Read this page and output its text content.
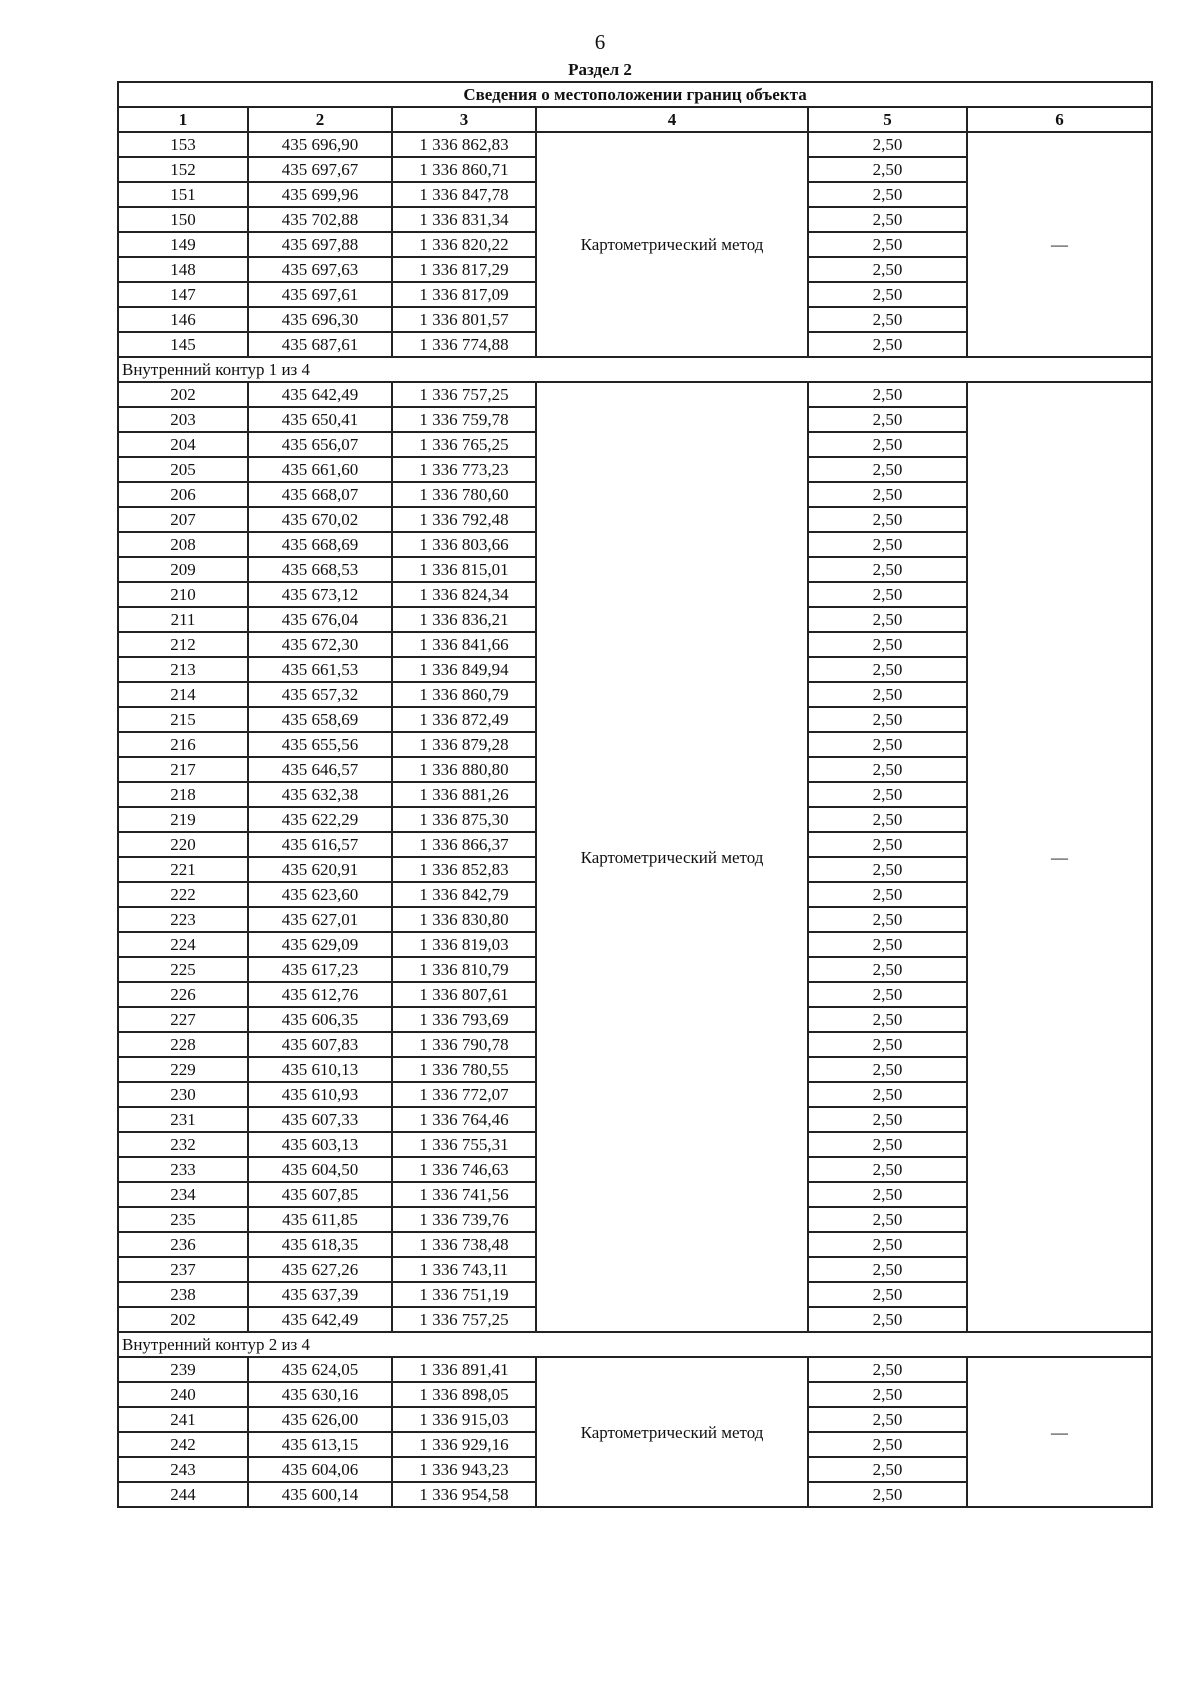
6
Раздел 2
Сведения о местоположении границ объекта					
1	2	3	4	5	6
153	435 696,90	1 336 862,83	Картометрический метод	2,50	—
152	435 697,67	1 336 860,71		2,50	
151	435 699,96	1 336 847,78		2,50	
150	435 702,88	1 336 831,34		2,50	
149	435 697,88	1 336 820,22		2,50	
148	435 697,63	1 336 817,29		2,50	
147	435 697,61	1 336 817,09		2,50	
146	435 696,30	1 336 801,57		2,50	
145	435 687,61	1 336 774,88		2,50	
Внутренний контур 1 из 4					
202	435 642,49	1 336 757,25	Картометрический метод	2,50	—
203	435 650,41	1 336 759,78		2,50	
204	435 656,07	1 336 765,25		2,50	
205	435 661,60	1 336 773,23		2,50	
206	435 668,07	1 336 780,60		2,50	
207	435 670,02	1 336 792,48		2,50	
208	435 668,69	1 336 803,66		2,50	
209	435 668,53	1 336 815,01		2,50	
210	435 673,12	1 336 824,34		2,50	
211	435 676,04	1 336 836,21		2,50	
212	435 672,30	1 336 841,66		2,50	
213	435 661,53	1 336 849,94		2,50	
214	435 657,32	1 336 860,79		2,50	
215	435 658,69	1 336 872,49		2,50	
216	435 655,56	1 336 879,28		2,50	
217	435 646,57	1 336 880,80		2,50	
218	435 632,38	1 336 881,26		2,50	
219	435 622,29	1 336 875,30		2,50	
220	435 616,57	1 336 866,37		2,50	
221	435 620,91	1 336 852,83		2,50	
222	435 623,60	1 336 842,79		2,50	
223	435 627,01	1 336 830,80		2,50	
224	435 629,09	1 336 819,03		2,50	
225	435 617,23	1 336 810,79		2,50	
226	435 612,76	1 336 807,61		2,50	
227	435 606,35	1 336 793,69		2,50	
228	435 607,83	1 336 790,78		2,50	
229	435 610,13	1 336 780,55		2,50	
230	435 610,93	1 336 772,07		2,50	
231	435 607,33	1 336 764,46		2,50	
232	435 603,13	1 336 755,31		2,50	
233	435 604,50	1 336 746,63		2,50	
234	435 607,85	1 336 741,56		2,50	
235	435 611,85	1 336 739,76		2,50	
236	435 618,35	1 336 738,48		2,50	
237	435 627,26	1 336 743,11		2,50	
238	435 637,39	1 336 751,19		2,50	
202	435 642,49	1 336 757,25		2,50	
Внутренний контур 2 из 4					
239	435 624,05	1 336 891,41	Картометрический метод	2,50	—
240	435 630,16	1 336 898,05		2,50	
241	435 626,00	1 336 915,03		2,50	
242	435 613,15	1 336 929,16		2,50	
243	435 604,06	1 336 943,23		2,50	
244	435 600,14	1 336 954,58		2,50	
